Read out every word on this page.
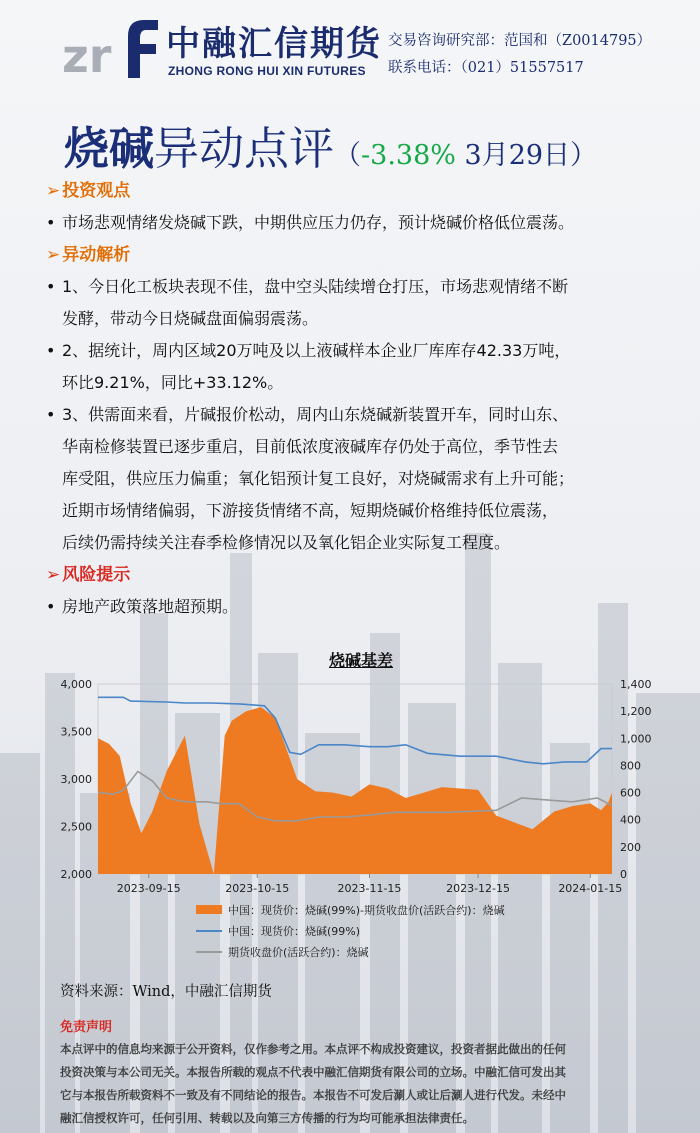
zr 中融汇信期货
ZHONG RONG HUI XIN FUTURES
交易咨询研究部：范国和（Z0014795）
联系电话：（021）51557517
烧碱异动点评（-3.38% 3月29日）
➢ 投资观点
• 市场悲观情绪发烧碱下跌，中期供应压力仍存，预计烧碱价格低位震荡。
➢ 异动解析
• 1、今日化工板块表现不佳，盘中空头陆续增仓打压，市场悲观情绪不断
发酵，带动今日烧碱盘面偏弱震荡。
• 2、据统计，周内区域20万吨及以上液碱样本企业厂库库存42.33万吨，
环比9.21%，同比+33.12%。
• 3、供需面来看，片碱报价松动，周内山东烧碱新装置开车，同时山东、
华南检修装置已逐步重启，目前低浓度液碱库存仍处于高位，季节性去
库受阻，供应压力偏重；氧化铝预计复工良好，对烧碱需求有上升可能；
近期市场情绪偏弱，下游接货情绪不高，短期烧碱价格维持低位震荡，
后续仍需持续关注春季检修情况以及氧化铝企业实际复工程度。
➢ 风险提示
• 房地产政策落地超预期。
烧碱基差
2,000
2,500
3,000
3,500
4,000
0
200
400
600
800
1,000
1,200
1,400
2023-09-15	2023-10-15	2023-11-15	2023-12-15	2024-01-15
中国：现货价：烧碱(99%)-期货收盘价(活跃合约)：烧碱
中国：现货价：烧碱(99%)
期货收盘价(活跃合约)：烧碱
资料来源：Wind，中融汇信期货
免责声明
本点评中的信息均来源于公开资料，仅作参考之用。本点评不构成投资建议，投资者据此做出的任何
投资决策与本公司无关。本报告所载的观点不代表中融汇信期货有限公司的立场。中融汇信可发出其
它与本报告所载资料不一致及有不同结论的报告。本报告不可发后涮人或让后涮人进行代发。未经中
融汇信授权许可，任何引用、转载以及向第三方传播的行为均可能承担法律责任。
